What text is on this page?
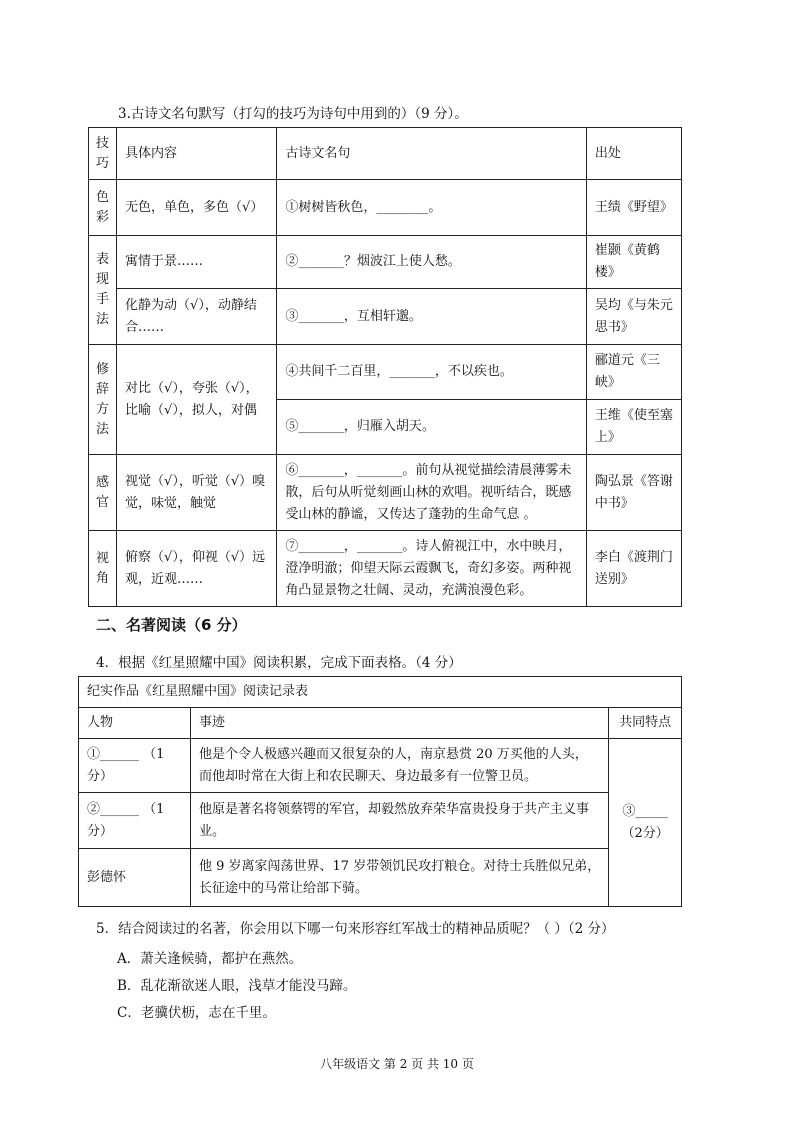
3.古诗文名句默写（打勾的技巧为诗句中用到的）（9 分）。
技巧	具体内容	古诗文名句	出处
色彩	无色，单色，多色（√）	①树树皆秋色，________。	王绩《野望》
表现手法	寓情于景……	②_______？烟波江上使人愁。	崔颢《黄鹤楼》
	化静为动（√），动静结合……	③_______，互相轩邈。	吴均《与朱元思书》
修辞方法	对比（√），夸张（√），比喻（√），拟人，对偶	④共间千二百里，_______，不以疾也。	郦道元《三峡》
		⑤_______，归雁入胡天。	王维《使至塞上》
感官	视觉（√），听觉（√）嗅觉，味觉，触觉	⑥_______，_______。前句从视觉描绘清晨薄雾未散，后句从听觉刻画山林的欢唱。视听结合，既感受山林的静谧，又传达了蓬勃的生命气息 。	陶弘景《答谢中书》
视角	俯察（√），仰视（√）远观，近观……	⑦_______，_______。诗人俯视江中，水中映月，澄净明澈；仰望天际云霞飘飞，奇幻多姿。两种视角凸显景物之壮阔、灵动，充满浪漫色彩。	李白《渡荆门送别》
二、名著阅读（6 分）
4．根据《红星照耀中国》阅读积累，完成下面表格。（4 分）
纪实作品《红星照耀中国》阅读记录表		
人物	事迹	共同特点
①______ （1分）	他是个令人极感兴趣而又很复杂的人，南京悬赏 20 万买他的人头，而他却时常在大街上和农民聊天、身边最多有一位警卫员。	③_____ （2分）
②______ （1分）	他原是著名将领蔡锷的军官，却毅然放弃荣华富贵投身于共产主义事业。	
彭德怀	他 9 岁离家闯荡世界、17 岁带领饥民攻打粮仓。对待士兵胜似兄弟，长征途中的马常让给部下骑。	
5．结合阅读过的名著，你会用以下哪一句来形容红军战士的精神品质呢？（ ）（2 分）
A．萧关逢候骑，都护在燕然。
B．乱花渐欲迷人眼，浅草才能没马蹄。
C．老骥伏枥，志在千里。
八年级语文 第 2 页 共 10 页
